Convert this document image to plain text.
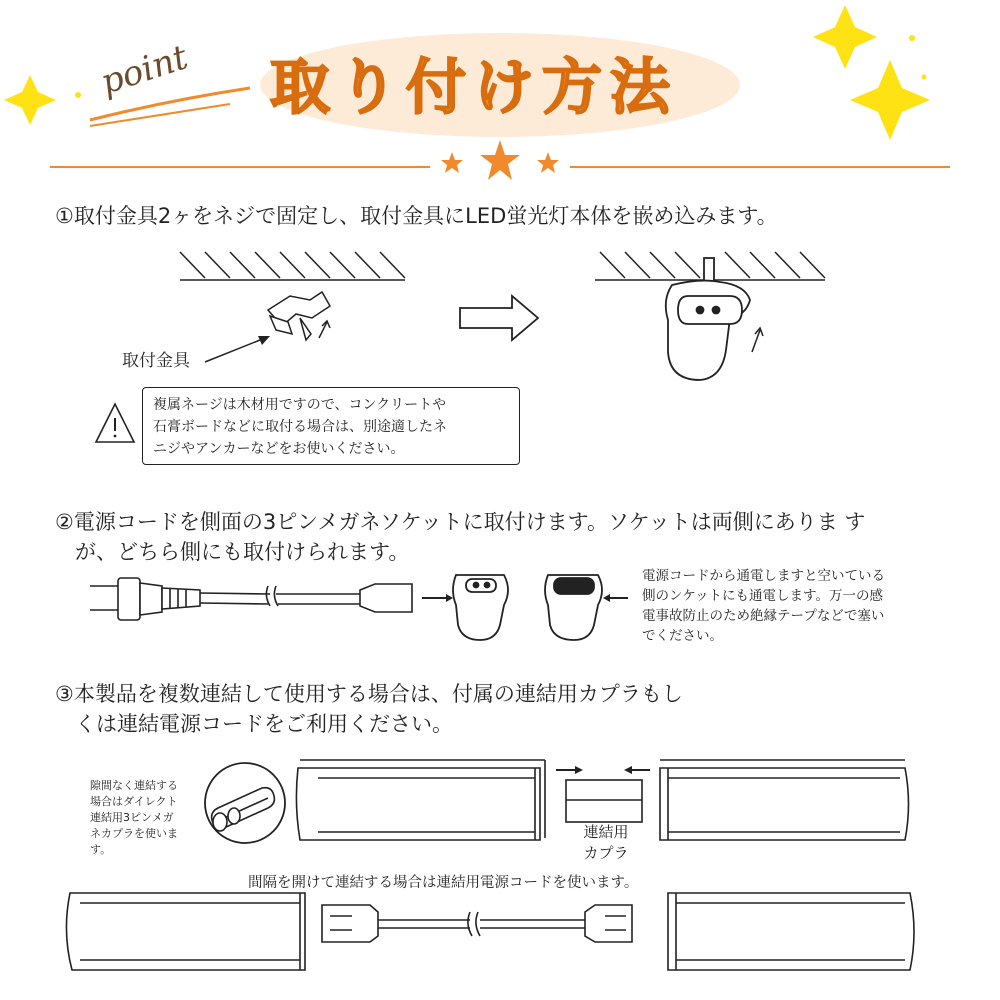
point 取り付け方法
①取付金具2ヶをネジで固定し、取付金具にLED蛍光灯本体を嵌め込みます。
取付金具
複属ネージは木材用ですので、コンクリートや
石膏ボードなどに取付る場合は、別途適したネ
ニジやアンカーなどをお使いください。
②電源コードを側面の3ピンメガネソケットに取付けます。ソケットは両側にありま す
が、どちら側にも取付けられます。
電源コードから通電しますと空いている
側のンケットにも通電します。万一の感
電事故防止のため絶縁テープなどで塞い
でください。
③本製品を複数連結して使用する場合は、付属の連結用カプラもし
くは連結電源コードをご利用ください。
隙間なく連結する
場合はダイレクト
連結用3ピンメガ
ネカプラを使いま
す。
連結用
カプラ
間隔を開けて連結する場合は連結用電源コードを使います。
